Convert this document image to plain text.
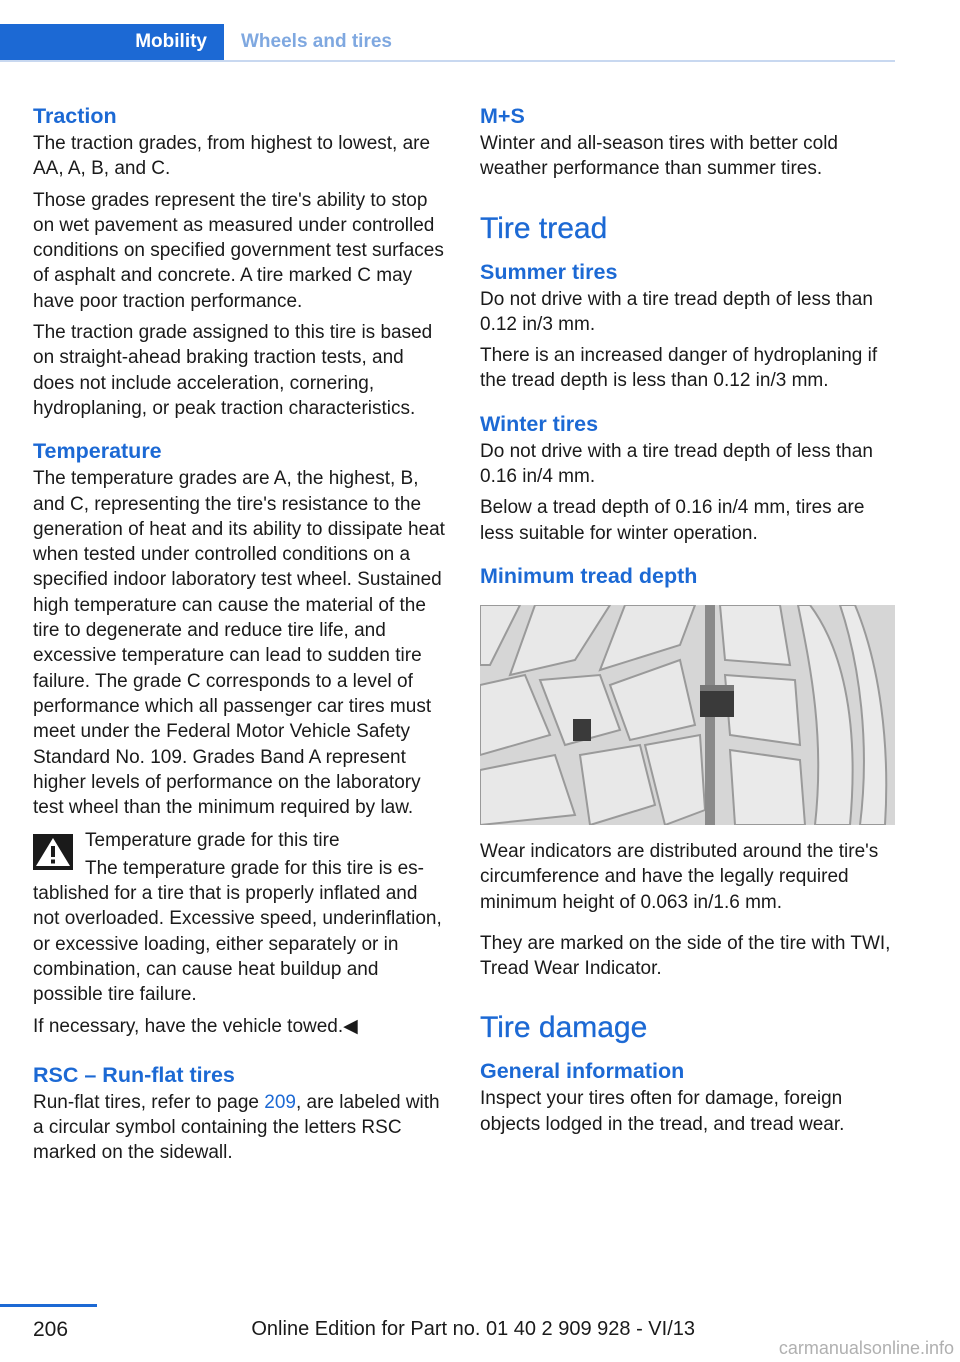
Mobility	Wheels and tires
Traction

The traction grades, from highest to lowest, are AA, A, B, and C.

Those grades represent the tire's ability to stop on wet pavement as measured under controlled conditions on specified government test surfaces of asphalt and concrete. A tire marked C may have poor traction performance.

The traction grade assigned to this tire is based on straight-ahead braking traction tests, and does not include acceleration, cornering, hydroplaning, or peak traction characteristics.

Temperature

The temperature grades are A, the highest, B, and C, representing the tire's resistance to the generation of heat and its ability to dissipate heat when tested under controlled conditions on a specified indoor laboratory test wheel. Sustained high temperature can cause the material of the tire to degenerate and reduce tire life, and excessive temperature can lead to sudden tire failure. The grade C corresponds to a level of performance which all passenger car tires must meet under the Federal Motor Vehicle Safety Standard No. 109. Grades Band A represent higher levels of performance on the laboratory test wheel than the minimum required by law.

Temperature grade for this tire

The temperature grade for this tire is es-

tablished for a tire that is properly inflated and not overloaded. Excessive speed, underinflation, or excessive loading, either separately or in combination, can cause heat buildup and possible tire failure.

If necessary, have the vehicle towed.◀

RSC – Run-flat tires

Run-flat tires, refer to page 209, are labeled with a circular symbol containing the letters RSC marked on the sidewall.

M+S

Winter and all-season tires with better cold weather performance than summer tires.

Tire tread
Summer tires

Do not drive with a tire tread depth of less than 0.12 in/3 mm.

There is an increased danger of hydroplaning if the tread depth is less than 0.12 in/3 mm.

Winter tires

Do not drive with a tire tread depth of less than 0.16 in/4 mm.

Below a tread depth of 0.16 in/4 mm, tires are less suitable for winter operation.

Minimum tread depth

Wear indicators are distributed around the tire's circumference and have the legally required minimum height of 0.063 in/1.6 mm.

They are marked on the side of the tire with TWI, Tread Wear Indicator.

Tire damage
General information

Inspect your tires often for damage, foreign objects lodged in the tread, and tread wear.

206	Online Edition for Part no. 01 40 2 909 928 - VI/13
carmanualsonline.info
